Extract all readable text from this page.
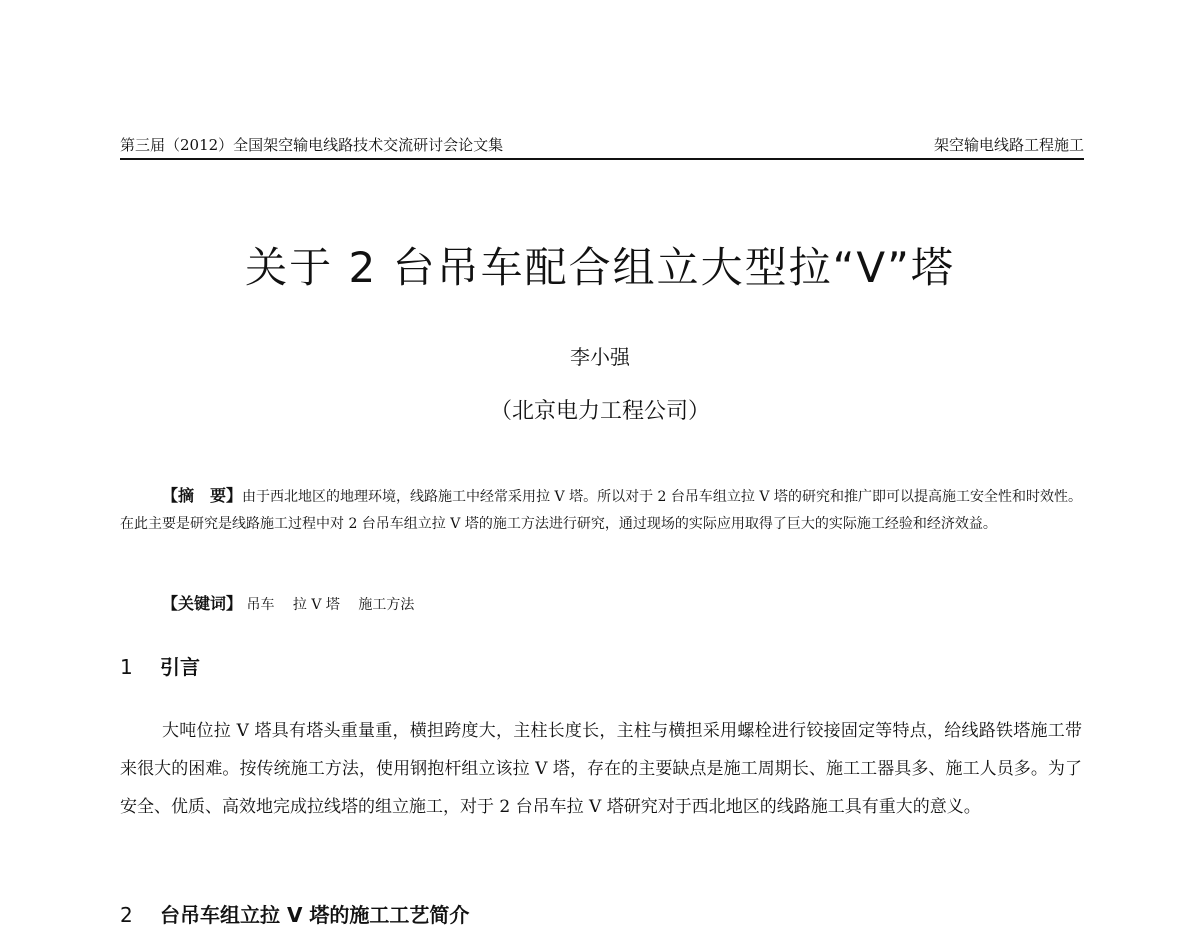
第三届（2012）全国架空输电线路技术交流研讨会论文集	架空输电线路工程施工
关于 2 台吊车配合组立大型拉“V”塔
李小强
（北京电力工程公司）

【摘　要】由于西北地区的地理环境，线路施工中经常采用拉 V 塔。所以对于 2 台吊车组立拉 V 塔的研究和推广即可以提高施工安全性和时效性。在此主要是研究是线路施工过程中对 2 台吊车组立拉 V 塔的施工方法进行研究，通过现场的实际应用取得了巨大的实际施工经验和经济效益。

【关键词】 吊车 拉 V 塔 施工方法
1 引言

大吨位拉 V 塔具有塔头重量重，横担跨度大，主柱长度长，主柱与横担采用螺栓进行铰接固定等特点，给线路铁塔施工带来很大的困难。按传统施工方法，使用钢抱杆组立该拉 V 塔，存在的主要缺点是施工周期长、施工工器具多、施工人员多。为了安全、优质、高效地完成拉线塔的组立施工，对于 2 台吊车拉 V 塔研究对于西北地区的线路施工具有重大的意义。

2 台吊车组立拉 V 塔的施工工艺简介
